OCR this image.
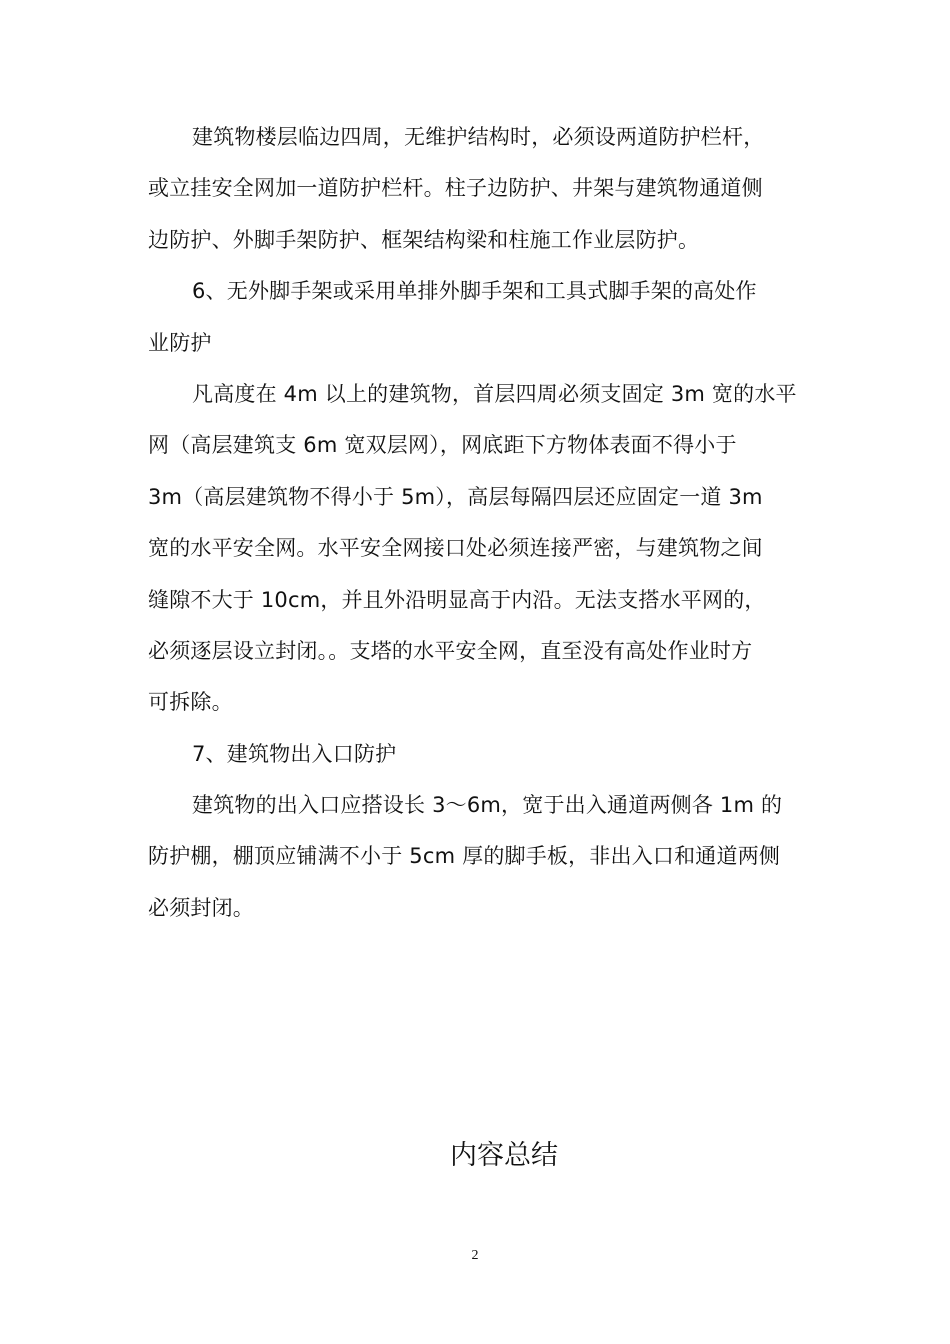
建筑物楼层临边四周，无维护结构时，必须设两道防护栏杆，
或立挂安全网加一道防护栏杆。柱子边防护、井架与建筑物通道侧
边防护、外脚手架防护、框架结构梁和柱施工作业层防护。
6、无外脚手架或采用单排外脚手架和工具式脚手架的高处作
业防护
凡高度在 4m 以上的建筑物，首层四周必须支固定 3m 宽的水平
网（高层建筑支 6m 宽双层网），网底距下方物体表面不得小于
3m（高层建筑物不得小于 5m），高层每隔四层还应固定一道 3m
宽的水平安全网。水平安全网接口处必须连接严密，与建筑物之间
缝隙不大于 10cm，并且外沿明显高于内沿。无法支搭水平网的，
必须逐层设立封闭。。支塔的水平安全网，直至没有高处作业时方
可拆除。
7、建筑物出入口防护
建筑物的出入口应搭设长 3～6m，宽于出入通道两侧各 1m 的
防护棚，棚顶应铺满不小于 5cm 厚的脚手板，非出入口和通道两侧
必须封闭。
内容总结
2
